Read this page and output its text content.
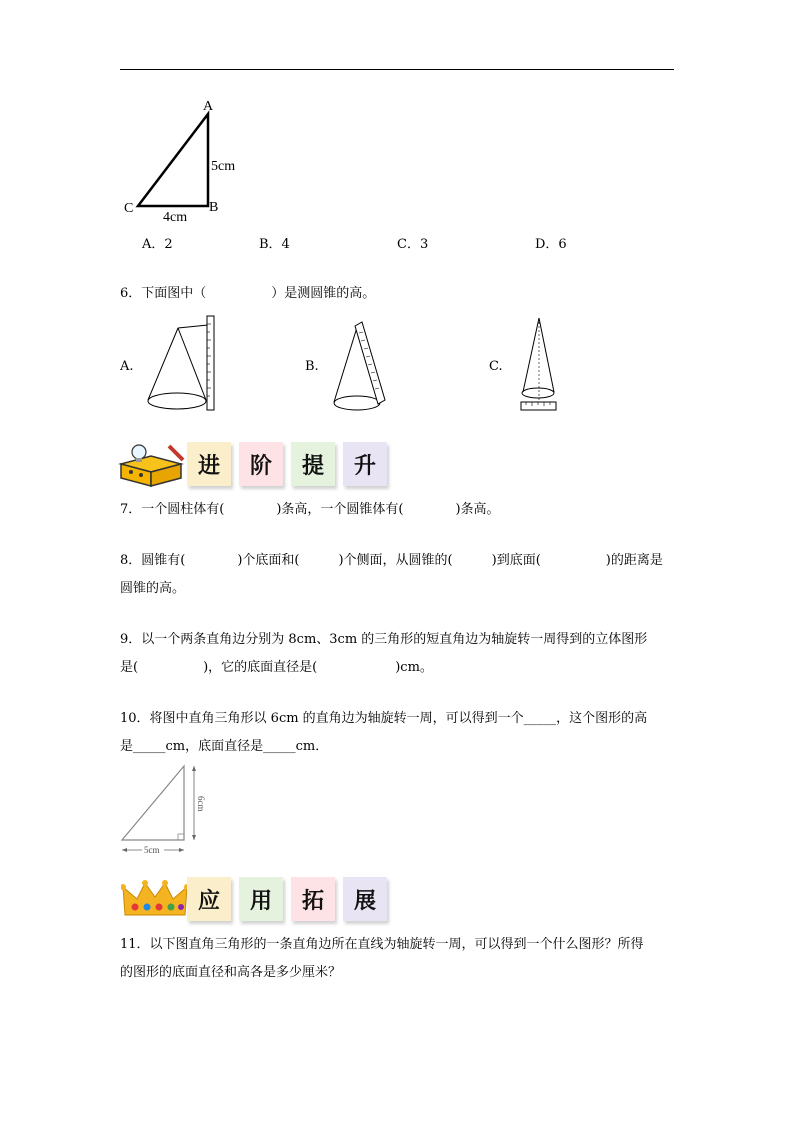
A
B
C
5cm
4cm
A．2	B．4	C．3	D．6
6．下面图中（　　　　　）是测圆锥的高。
A.	B.	C.
进	阶	提	升
7．一个圆柱体有(　　　　)条高，一个圆锥体有(　　　　)条高。
8．圆锥有(　　　　)个底面和(　　　)个侧面，从圆锥的(　　　)到底面(　　　　　)的距离是
圆锥的高。
9．以一个两条直角边分别为 8cm、3cm 的三角形的短直角边为轴旋转一周得到的立体图形
是(　　　　　)，它的底面直径是(　　　　　　)cm。
10．将图中直角三角形以 6cm 的直角边为轴旋转一周，可以得到一个_____，这个图形的高
是_____cm，底面直径是_____cm．
6cm
5cm
应	用	拓	展
11．以下图直角三角形的一条直角边所在直线为轴旋转一周，可以得到一个什么图形？所得
的图形的底面直径和高各是多少厘米？
